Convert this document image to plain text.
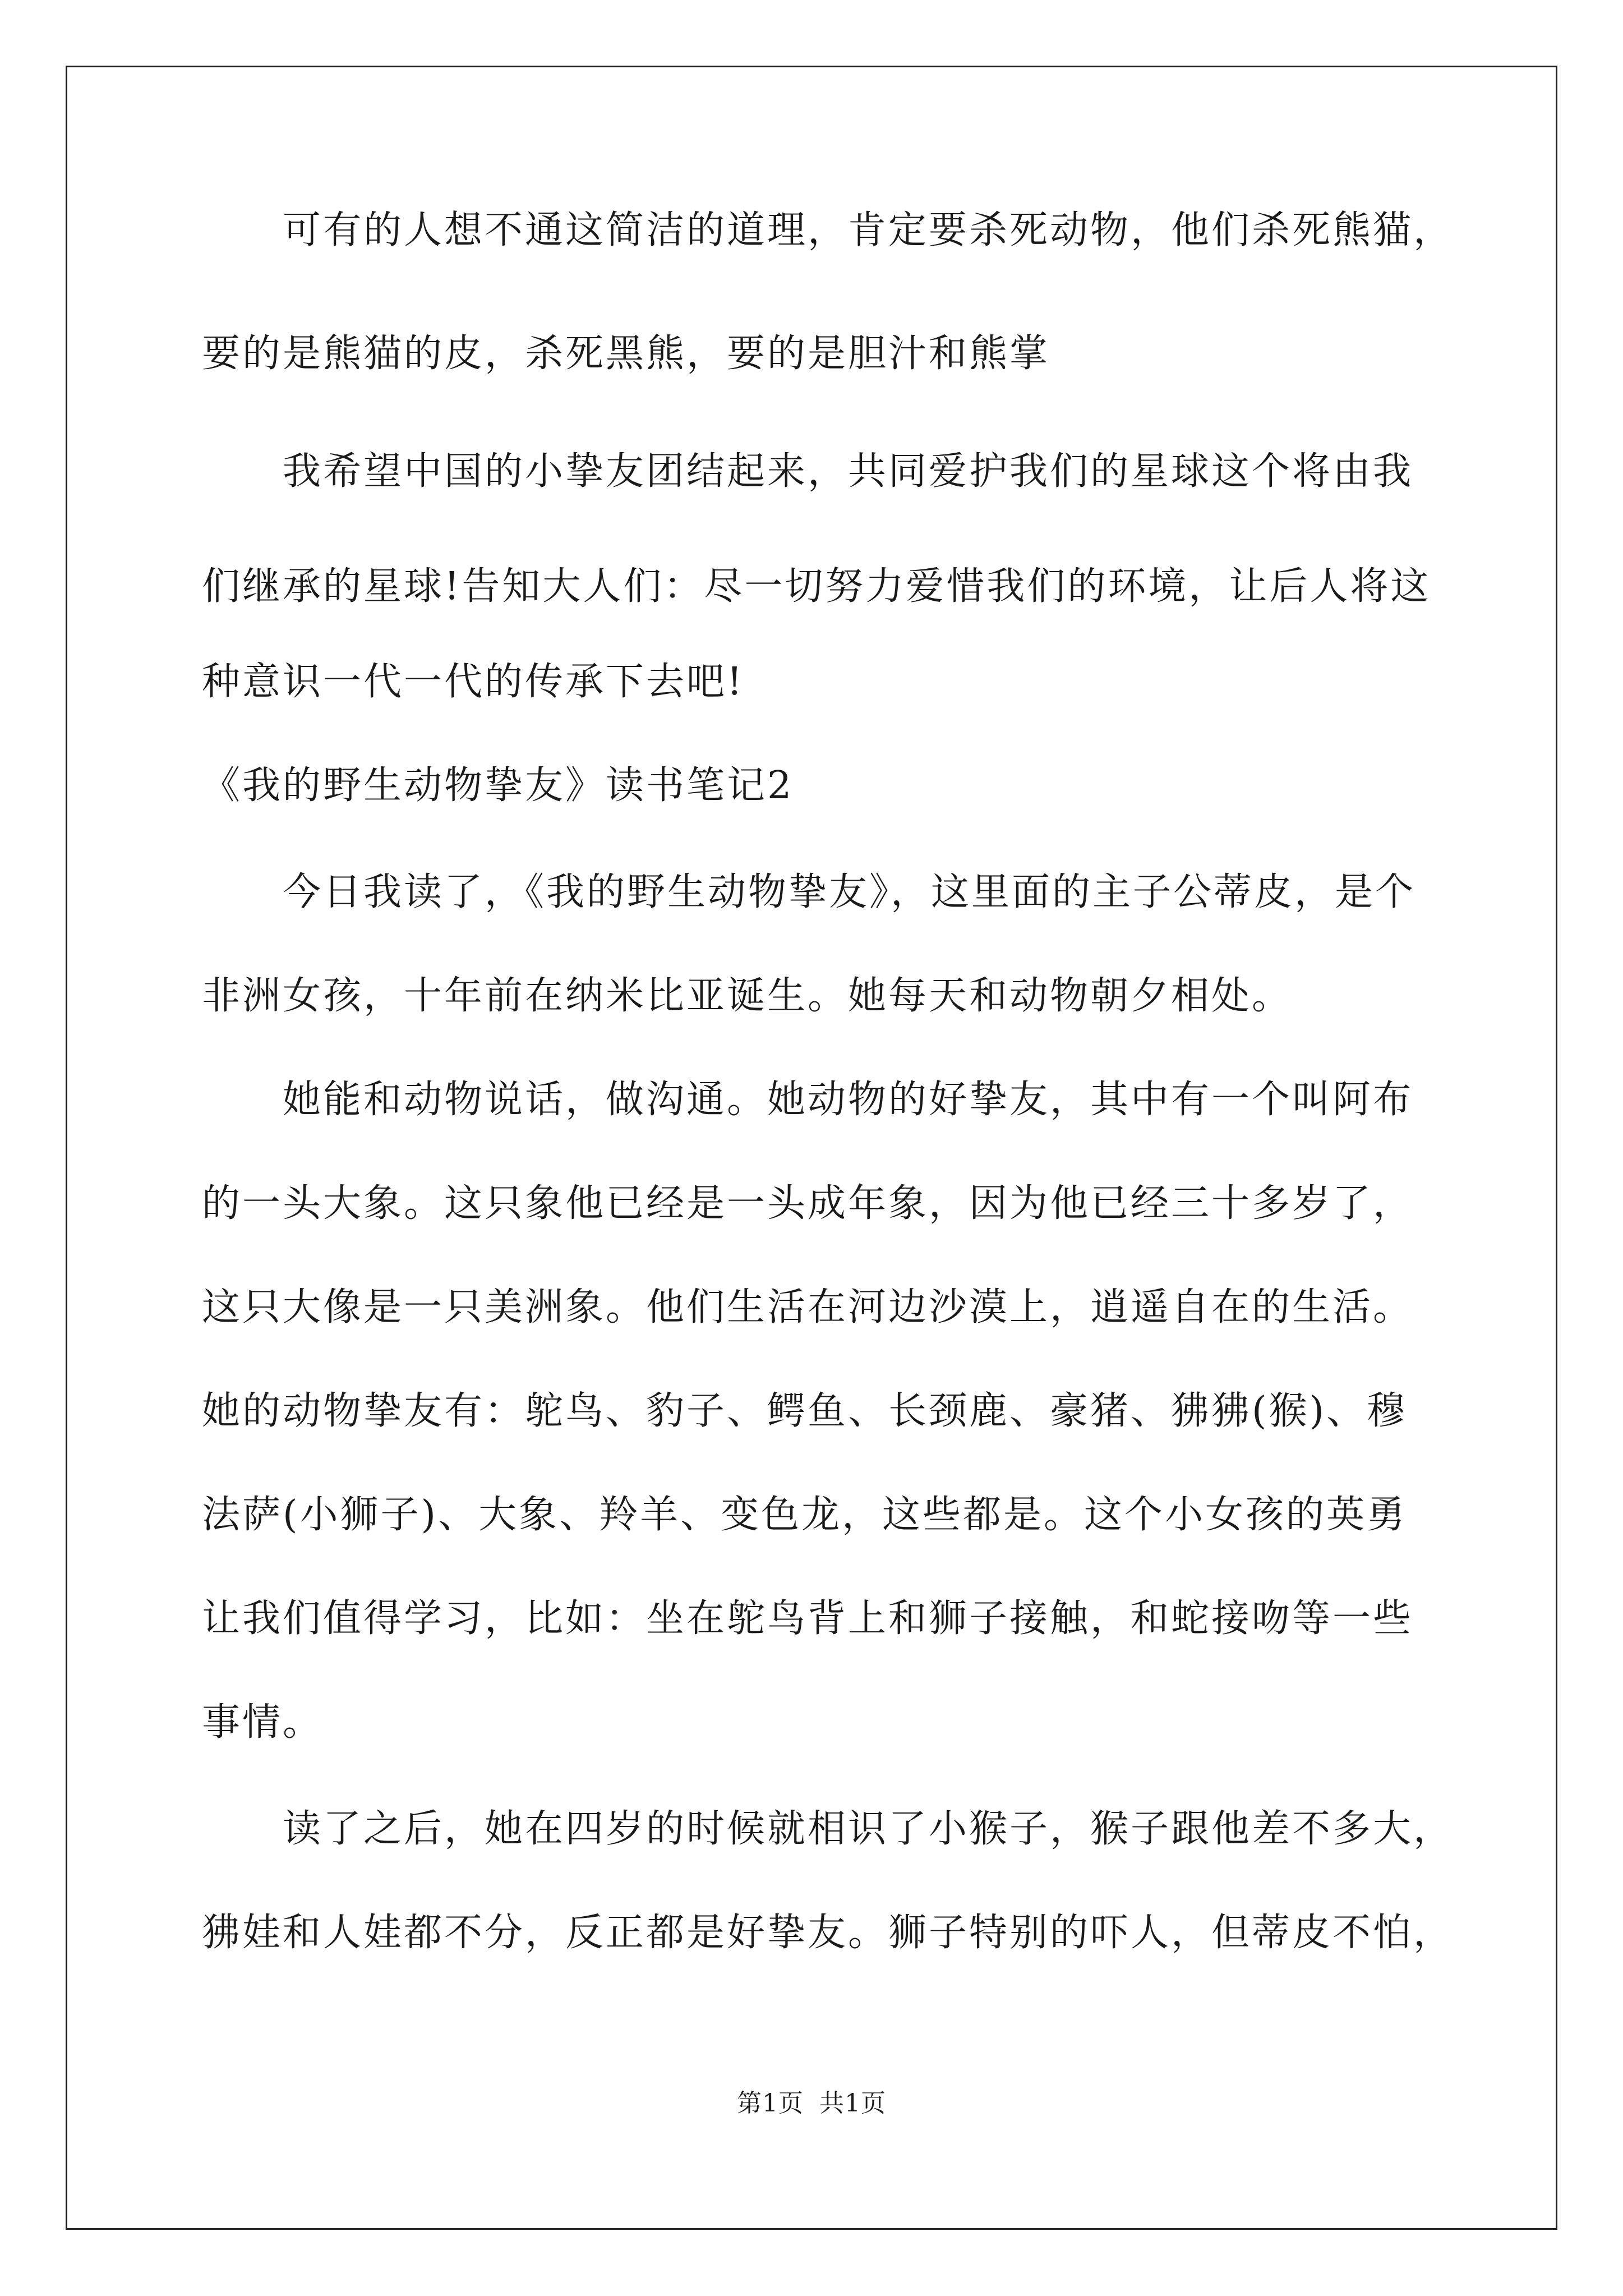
　　可有的人想不通这简洁的道理，肯定要杀死动物，他们杀死熊猫，
要的是熊猫的皮，杀死黑熊，要的是胆汁和熊掌
　　我希望中国的小挚友团结起来，共同爱护我们的星球这个将由我
们继承的星球!告知大人们：尽一切努力爱惜我们的环境，让后人将这
种意识一代一代的传承下去吧!
《我的野生动物挚友》读书笔记2
　　今日我读了，《我的野生动物挚友》，这里面的主子公蒂皮，是个
非洲女孩，十年前在纳米比亚诞生。她每天和动物朝夕相处。
　　她能和动物说话，做沟通。她动物的好挚友，其中有一个叫阿布
的一头大象。这只象他已经是一头成年象，因为他已经三十多岁了，
这只大像是一只美洲象。他们生活在河边沙漠上，逍遥自在的生活。
她的动物挚友有：鸵鸟、豹子、鳄鱼、长颈鹿、豪猪、狒狒(猴)、穆
法萨(小狮子)、大象、羚羊、变色龙，这些都是。这个小女孩的英勇
让我们值得学习，比如：坐在鸵鸟背上和狮子接触，和蛇接吻等一些
事情。
　　读了之后，她在四岁的时候就相识了小猴子，猴子跟他差不多大，
狒娃和人娃都不分，反正都是好挚友。狮子特别的吓人，但蒂皮不怕，
第1页 共1页
